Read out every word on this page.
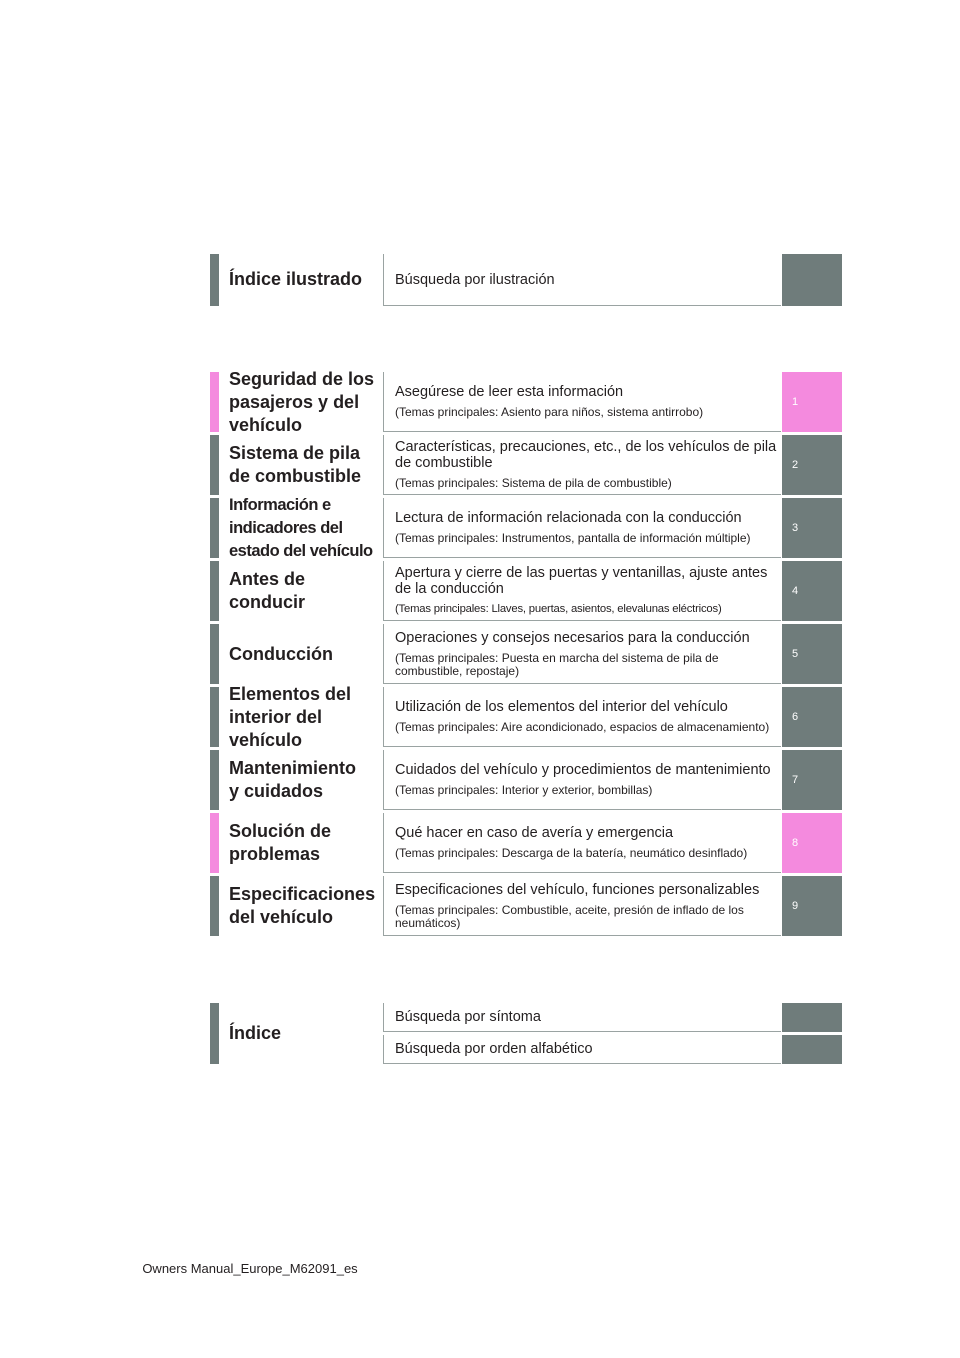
Índice ilustrado Búsqueda por ilustración
Seguridad de los
pasajeros y del
vehículo
Asegúrese de leer esta información
(Temas principales: Asiento para niños, sistema antirrobo)
1
Sistema de pila
de combustible
Características, precauciones, etc., de los vehículos de pila de combustible
(Temas principales: Sistema de pila de combustible)
2
Información e
indicadores del
estado del vehículo
Lectura de información relacionada con la conducción
(Temas principales: Instrumentos, pantalla de información múltiple)
3
Antes de
conducir
Apertura y cierre de las puertas y ventanillas, ajuste antes de la conducción
(Temas principales: Llaves, puertas, asientos, elevalunas eléctricos)
4
Conducción
Operaciones y consejos necesarios para la conducción
(Temas principales: Puesta en marcha del sistema de pila de combustible, repostaje)
5
Elementos del
interior del
vehículo
Utilización de los elementos del interior del vehículo
(Temas principales: Aire acondicionado, espacios de almacenamiento)
6
Mantenimiento
y cuidados
Cuidados del vehículo y procedimientos de mantenimiento
(Temas principales: Interior y exterior, bombillas)
7
Solución de
problemas
Qué hacer en caso de avería y emergencia
(Temas principales: Descarga de la batería, neumático desinflado)
8
Especificaciones
del vehículo
Especificaciones del vehículo, funciones personalizables
(Temas principales: Combustible, aceite, presión de inflado de los neumáticos)
9
Índice
Búsqueda por síntoma
Búsqueda por orden alfabético
Owners Manual_Europe_M62091_es
